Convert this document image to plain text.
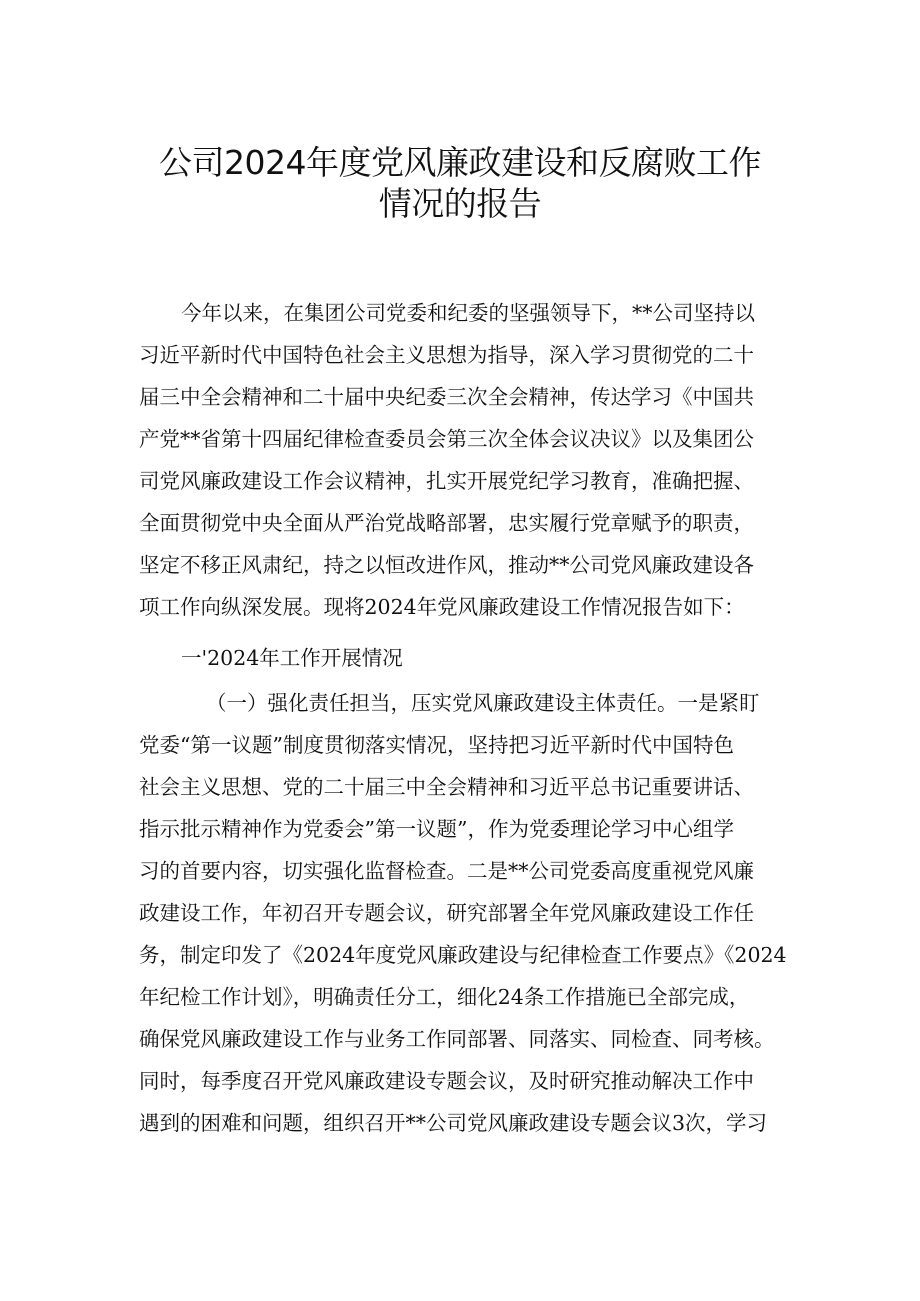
公司2024年度党风廉政建设和反腐败工作
情况的报告
今年以来，在集团公司党委和纪委的坚强领导下，**公司坚持以
习近平新时代中国特色社会主义思想为指导，深入学习贯彻党的二十
届三中全会精神和二十届中央纪委三次全会精神，传达学习《中国共
产党**省第十四届纪律检查委员会第三次全体会议决议》以及集团公
司党风廉政建设工作会议精神，扎实开展党纪学习教育，准确把握、
全面贯彻党中央全面从严治党战略部署，忠实履行党章赋予的职责，
坚定不移正风肃纪，持之以恒改进作风，推动**公司党风廉政建设各
项工作向纵深发展。现将2024年党风廉政建设工作情况报告如下：
一'2024年工作开展情况
（一）强化责任担当，压实党风廉政建设主体责任。一是紧盯
党委“第一议题”制度贯彻落实情况，坚持把习近平新时代中国特色
社会主义思想、党的二十届三中全会精神和习近平总书记重要讲话、
指示批示精神作为党委会”第一议题”，作为党委理论学习中心组学
习的首要内容，切实强化监督检查。二是**公司党委高度重视党风廉
政建设工作，年初召开专题会议，研究部署全年党风廉政建设工作任
务，制定印发了《2024年度党风廉政建设与纪律检查工作要点》《2024
年纪检工作计划》，明确责任分工，细化24条工作措施已全部完成，
确保党风廉政建设工作与业务工作同部署、同落实、同检查、同考核。
同时，每季度召开党风廉政建设专题会议，及时研究推动解决工作中
遇到的困难和问题，组织召开**公司党风廉政建设专题会议3次，学习
